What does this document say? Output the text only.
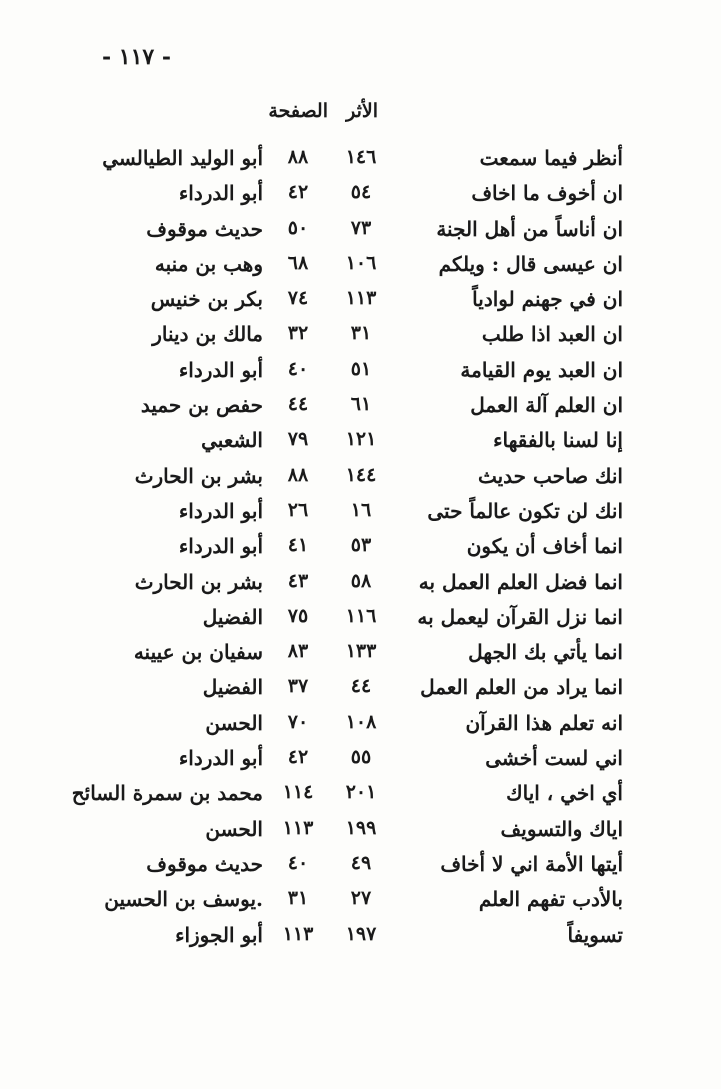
- ١١٧ -
الأثر
الصفحة
أنظر فيما سمعت
١٤٦
٨٨
أبو الوليد الطيالسي
ان أخوف ما اخاف
٥٤
٤٢
أبو الدرداء
ان أناساً من أهل الجنة
٧٣
٥٠
حديث موقوف
ان عيسى قال : ويلكم
١٠٦
٦٨
وهب بن منبه
ان في جهنم لوادياً
١١٣
٧٤
بكر بن خنيس
ان العبد اذا طلب
٣١
٣٢
مالك بن دينار
ان العبد يوم القيامة
٥١
٤٠
أبو الدرداء
ان العلم آلة العمل
٦١
٤٤
حفص بن حميد
إنا لسنا بالفقهاء
١٢١
٧٩
الشعبي
انك صاحب حديث
١٤٤
٨٨
بشر بن الحارث
انك لن تكون عالماً حتى
١٦
٢٦
أبو الدرداء
انما أخاف أن يكون
٥٣
٤١
أبو الدرداء
انما فضل العلم العمل به
٥٨
٤٣
بشر بن الحارث
انما نزل القرآن ليعمل به
١١٦
٧٥
الفضيل
انما يأتي بك الجهل
١٣٣
٨٣
سفيان بن عيينه
انما يراد من العلم العمل
٤٤
٣٧
الفضيل
انه تعلم هذا القرآن
١٠٨
٧٠
الحسن
اني لست أخشى
٥٥
٤٢
أبو الدرداء
أي اخي ، اياك
٢٠١
١١٤
محمد بن سمرة السائح
اياك والتسويف
١٩٩
١١٣
الحسن
أيتها الأمة اني لا أخاف
٤٩
٤٠
حديث موقوف
بالأدب تفهم العلم
٢٧
٣١
.يوسف بن الحسين
تسويفاً
١٩٧
١١٣
أبو الجوزاء
